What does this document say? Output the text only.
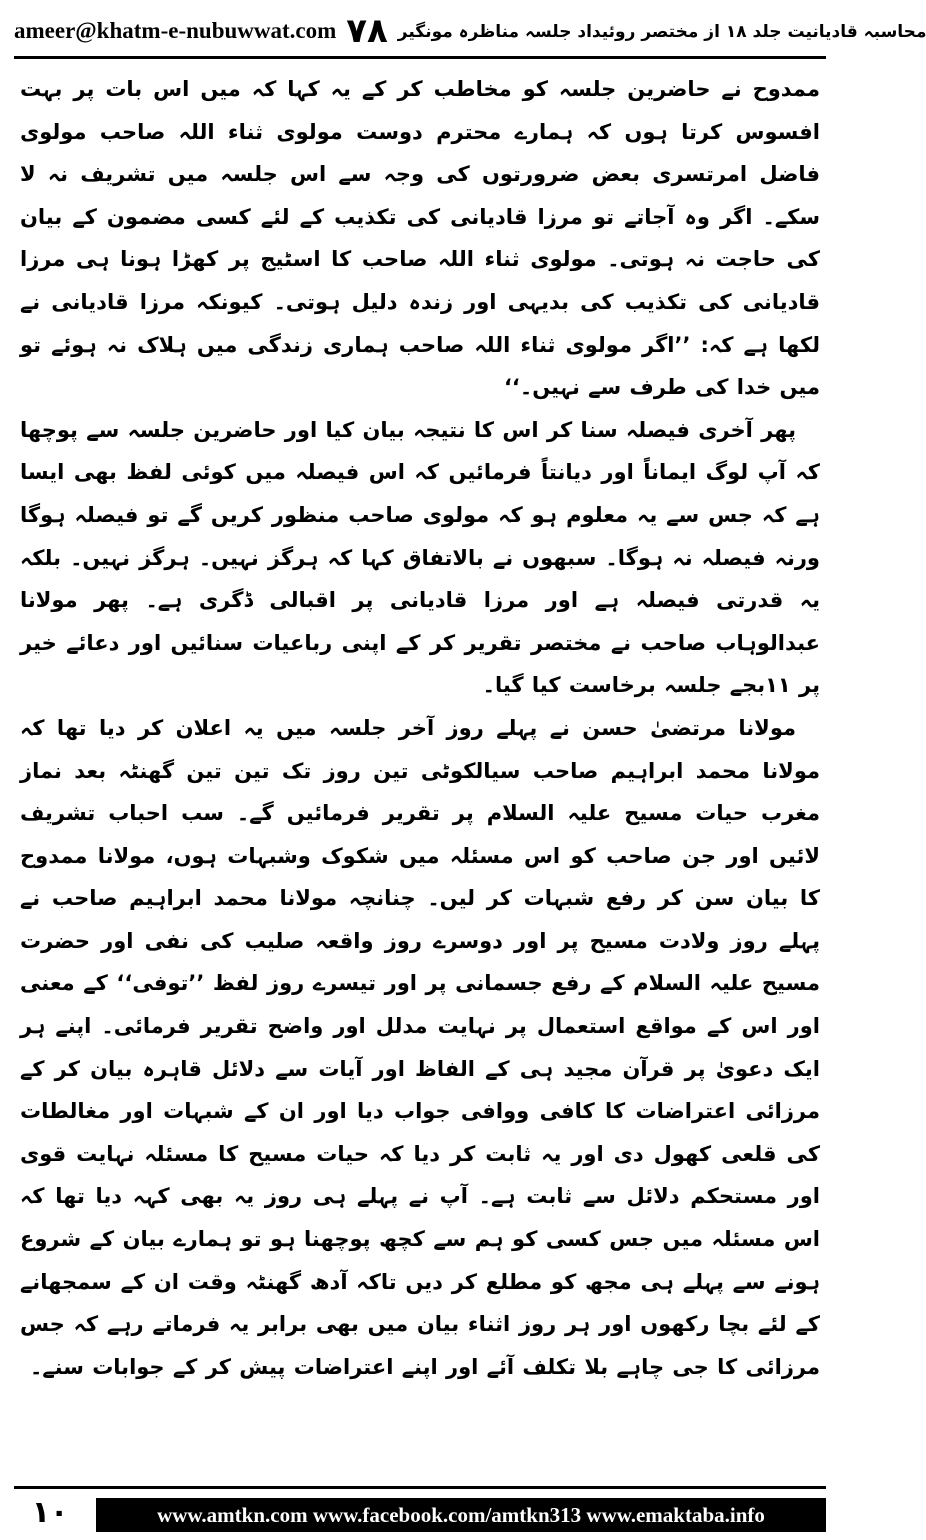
ameer@khatm-e-nubuwwat.com ۷۸ محاسبہ قادیانیت جلد ۱۸ از مختصر روئیداد جلسہ مناظرہ مونگیر

ممدوح نے حاضرین جلسہ کو مخاطب کر کے یہ کہا کہ میں اس بات پر بہت افسوس کرتا ہوں کہ ہمارے محترم دوست مولوی ثناء اللہ صاحب مولوی فاضل امرتسری بعض ضرورتوں کی وجہ سے اس جلسہ میں تشریف نہ لا سکے۔ اگر وہ آجاتے تو مرزا قادیانی کی تکذیب کے لئے کسی مضمون کے بیان کی حاجت نہ ہوتی۔ مولوی ثناء اللہ صاحب کا اسٹیج پر کھڑا ہونا ہی مرزا قادیانی کی تکذیب کی بدیہی اور زندہ دلیل ہوتی۔ کیونکہ مرزا قادیانی نے لکھا ہے کہ: ’’اگر مولوی ثناء اللہ صاحب ہماری زندگی میں ہلاک نہ ہوئے تو میں خدا کی طرف سے نہیں۔‘‘

پھر آخری فیصلہ سنا کر اس کا نتیجہ بیان کیا اور حاضرین جلسہ سے پوچھا کہ آپ لوگ ایماناً اور دیانتاً فرمائیں کہ اس فیصلہ میں کوئی لفظ بھی ایسا ہے کہ جس سے یہ معلوم ہو کہ مولوی صاحب منظور کریں گے تو فیصلہ ہوگا ورنہ فیصلہ نہ ہوگا۔ سبھوں نے بالاتفاق کہا کہ ہرگز نہیں۔ ہرگز نہیں۔ بلکہ یہ قدرتی فیصلہ ہے اور مرزا قادیانی پر اقبالی ڈگری ہے۔ پھر مولانا عبدالوہاب صاحب نے مختصر تقریر کر کے اپنی رباعیات سنائیں اور دعائے خیر پر ۱۱بجے جلسہ برخاست کیا گیا۔

مولانا مرتضیٰ حسن نے پہلے روز آخر جلسہ میں یہ اعلان کر دیا تھا کہ مولانا محمد ابراہیم صاحب سیالکوٹی تین روز تک تین تین گھنٹہ بعد نماز مغرب حیات مسیح علیہ السلام پر تقریر فرمائیں گے۔ سب احباب تشریف لائیں اور جن صاحب کو اس مسئلہ میں شکوک وشبہات ہوں، مولانا ممدوح کا بیان سن کر رفع شبہات کر لیں۔ چنانچہ مولانا محمد ابراہیم صاحب نے پہلے روز ولادت مسیح پر اور دوسرے روز واقعہ صلیب کی نفی اور حضرت مسیح علیہ السلام کے رفع جسمانی پر اور تیسرے روز لفظ ’’توفی‘‘ کے معنی اور اس کے مواقع استعمال پر نہایت مدلل اور واضح تقریر فرمائی۔ اپنے ہر ایک دعویٰ پر قرآن مجید ہی کے الفاظ اور آیات سے دلائل قاہرہ بیان کر کے مرزائی اعتراضات کا کافی ووافی جواب دیا اور ان کے شبہات اور مغالطات کی قلعی کھول دی اور یہ ثابت کر دیا کہ حیات مسیح کا مسئلہ نہایت قوی اور مستحکم دلائل سے ثابت ہے۔ آپ نے پہلے ہی روز یہ بھی کہہ دیا تھا کہ اس مسئلہ میں جس کسی کو ہم سے کچھ پوچھنا ہو تو ہمارے بیان کے شروع ہونے سے پہلے ہی مجھ کو مطلع کر دیں تاکہ آدھ گھنٹہ وقت ان کے سمجھانے کے لئے بچا رکھوں اور ہر روز اثناء بیان میں بھی برابر یہ فرماتے رہے کہ جس مرزائی کا جی چاہے بلا تکلف آئے اور اپنے اعتراضات پیش کر کے جوابات سنے۔

۱۰	www.amtkn.com www.facebook.com/amtkn313 www.emaktaba.info
